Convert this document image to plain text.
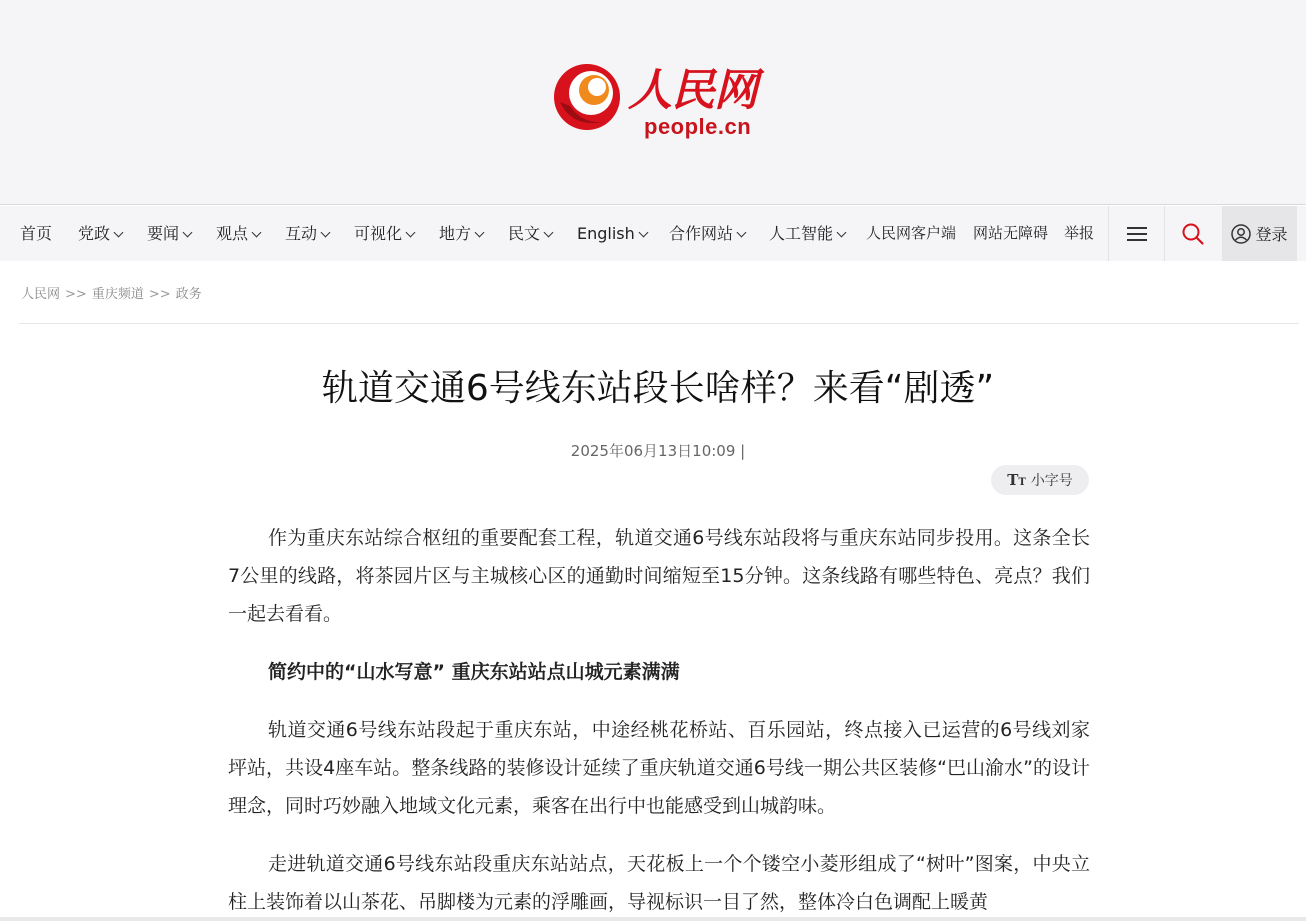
人民网
people.cn
首页 党政	要闻	观点	互动	可视化	地方	民文	English	合作网站	人工智能	人民网客户端 网站无障碍 举报	登录
人民网 >> 重庆频道 >> 政务
轨道交通6号线东站段长啥样？来看“剧透”
2025年06月13日10:09 |
TT 小字号

作为重庆东站综合枢纽的重要配套工程，轨道交通6号线东站段将与重庆东站同步投用。这条全长7公里的线路，将茶园片区与主城核心区的通勤时间缩短至15分钟。这条线路有哪些特色、亮点？我们一起去看看。

简约中的“山水写意” 重庆东站站点山城元素满满

轨道交通6号线东站段起于重庆东站，中途经桃花桥站、百乐园站，终点接入已运营的6号线刘家坪站，共设4座车站。整条线路的装修设计延续了重庆轨道交通6号线一期公共区装修“巴山渝水”的设计理念，同时巧妙融入地域文化元素，乘客在出行中也能感受到山城韵味。

走进轨道交通6号线东站段重庆东站站点，天花板上一个个镂空小菱形组成了“树叶”图案，中央立柱上装饰着以山茶花、吊脚楼为元素的浮雕画，导视标识一目了然，整体冷白色调配上暖黄
